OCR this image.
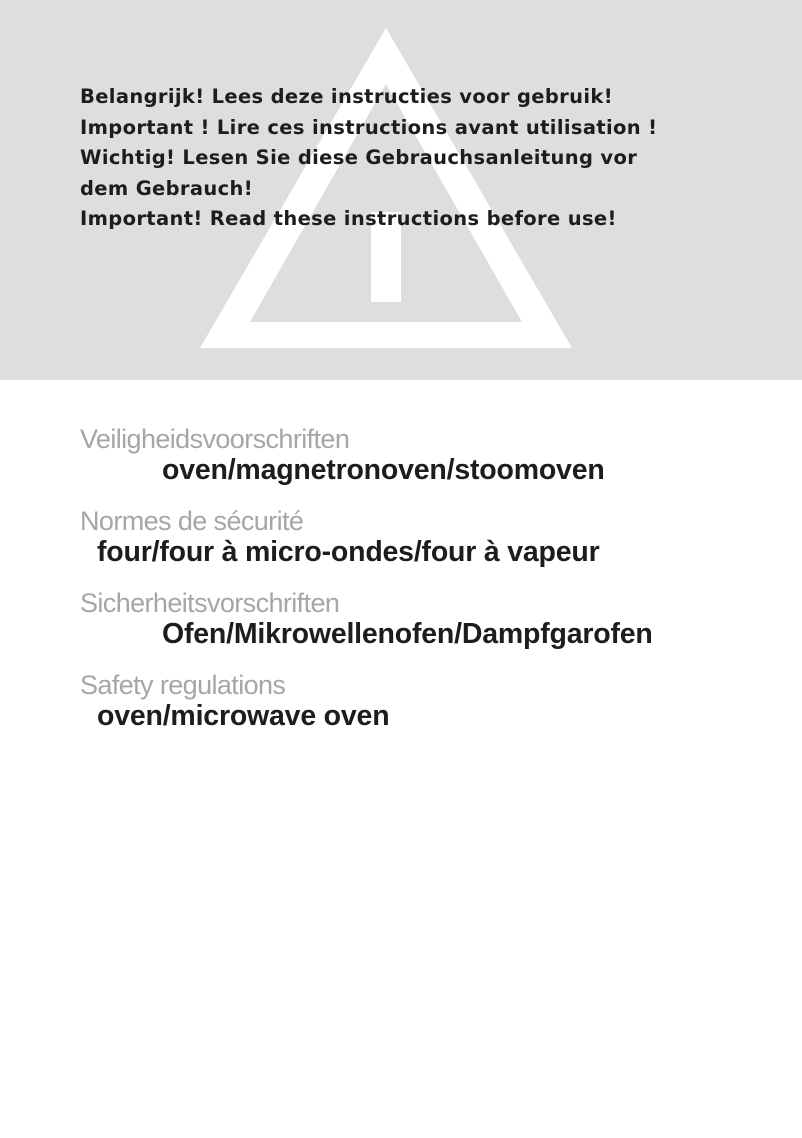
Belangrijk! Lees deze instructies voor gebruik!
Important ! Lire ces instructions avant utilisation !
Wichtig! Lesen Sie diese Gebrauchsanleitung vor
dem Gebrauch!
Important! Read these instructions before use!
Veiligheidsvoorschriften
oven/magnetronoven/stoomoven
Normes de sécurité
four/four à micro-ondes/four à vapeur
Sicherheitsvorschriften
Ofen/Mikrowellenofen/Dampfgarofen
Safety regulations
oven/microwave oven
